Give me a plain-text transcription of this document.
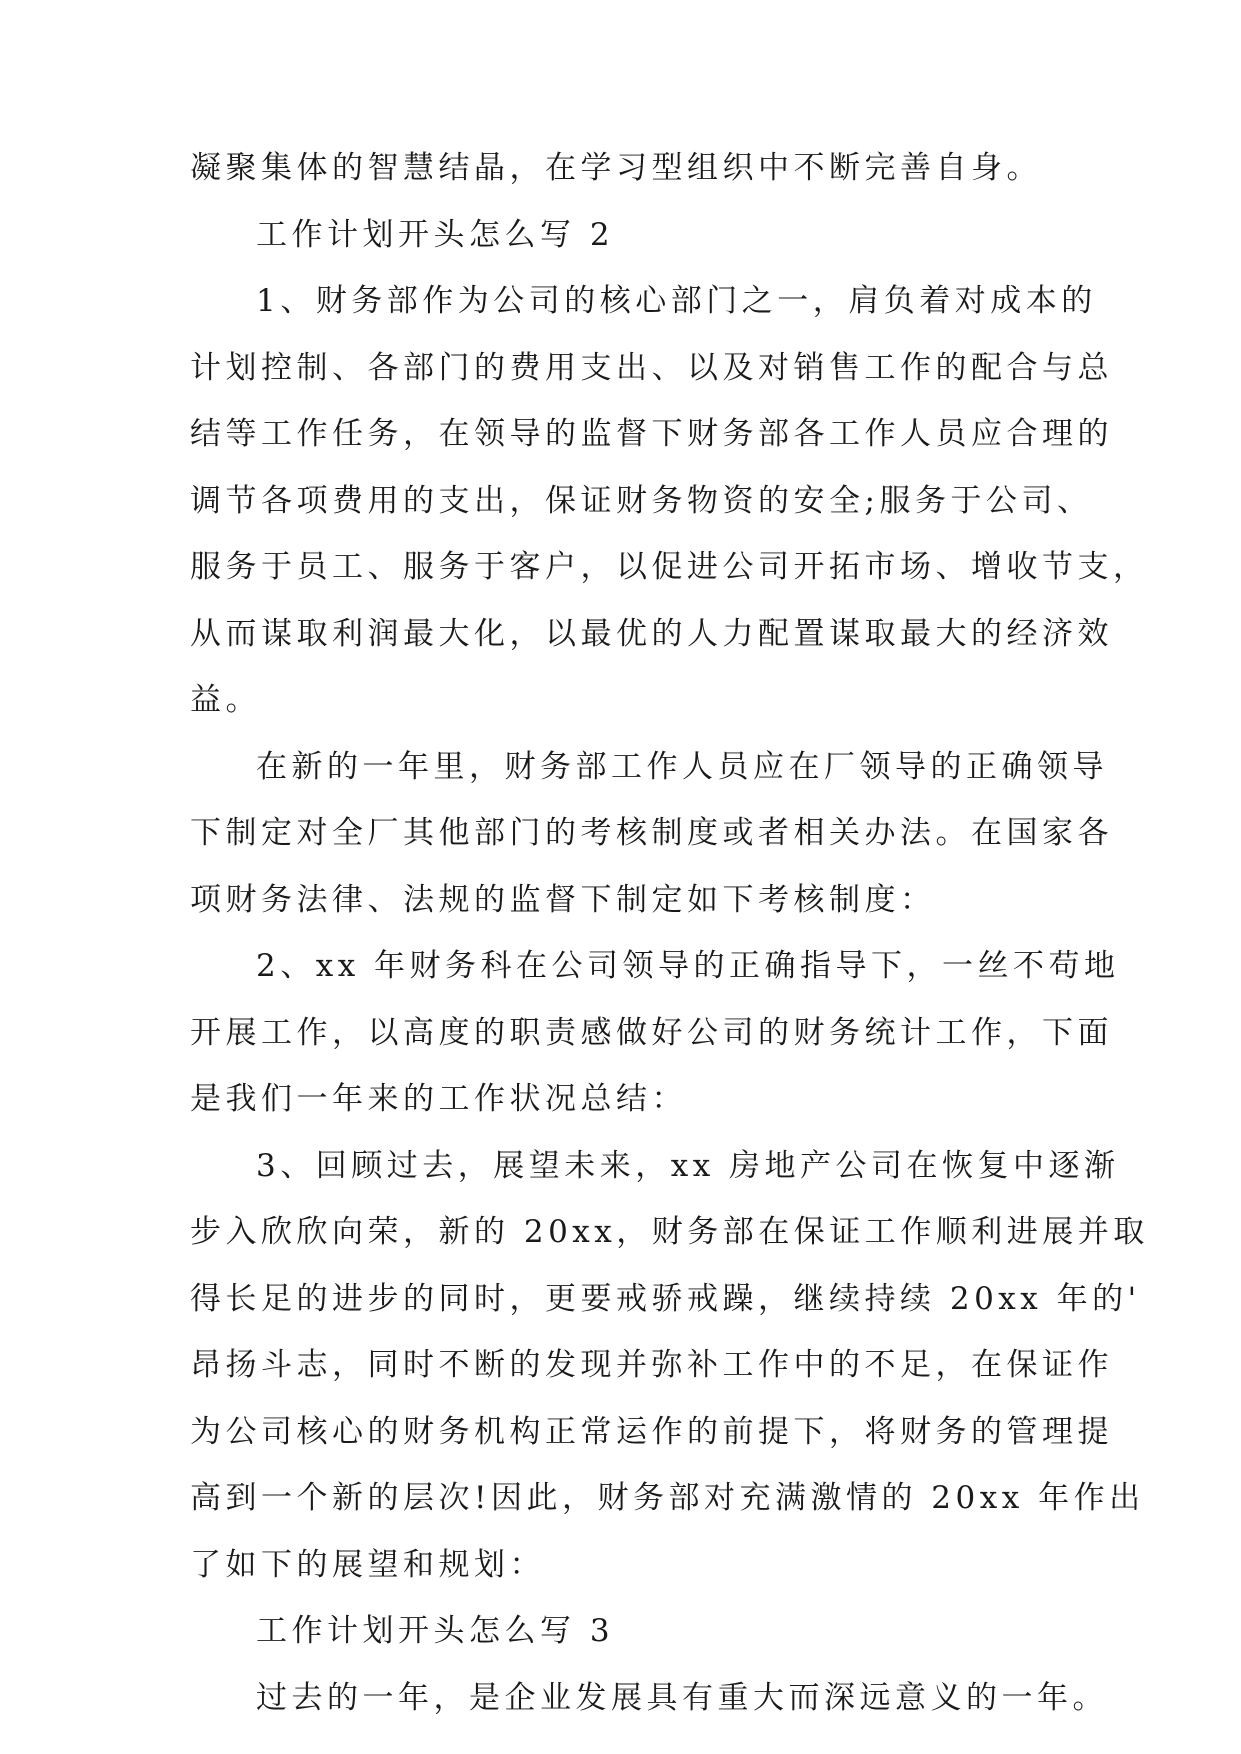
凝聚集体的智慧结晶，在学习型组织中不断完善自身。
工作计划开头怎么写 2
1、财务部作为公司的核心部门之一，肩负着对成本的
计划控制、各部门的费用支出、以及对销售工作的配合与总
结等工作任务，在领导的监督下财务部各工作人员应合理的
调节各项费用的支出，保证财务物资的安全;服务于公司、
服务于员工、服务于客户，以促进公司开拓市场、增收节支，
从而谋取利润最大化，以最优的人力配置谋取最大的经济效
益。
在新的一年里，财务部工作人员应在厂领导的正确领导
下制定对全厂其他部门的考核制度或者相关办法。在国家各
项财务法律、法规的监督下制定如下考核制度：
2、xx 年财务科在公司领导的正确指导下，一丝不苟地
开展工作，以高度的职责感做好公司的财务统计工作，下面
是我们一年来的工作状况总结：
3、回顾过去，展望未来，xx 房地产公司在恢复中逐渐
步入欣欣向荣，新的 20xx，财务部在保证工作顺利进展并取
得长足的进步的同时，更要戒骄戒躁，继续持续 20xx 年的'
昂扬斗志，同时不断的发现并弥补工作中的不足，在保证作
为公司核心的财务机构正常运作的前提下，将财务的管理提
高到一个新的层次!因此，财务部对充满激情的 20xx 年作出
了如下的展望和规划：
工作计划开头怎么写 3
过去的一年，是企业发展具有重大而深远意义的一年。
